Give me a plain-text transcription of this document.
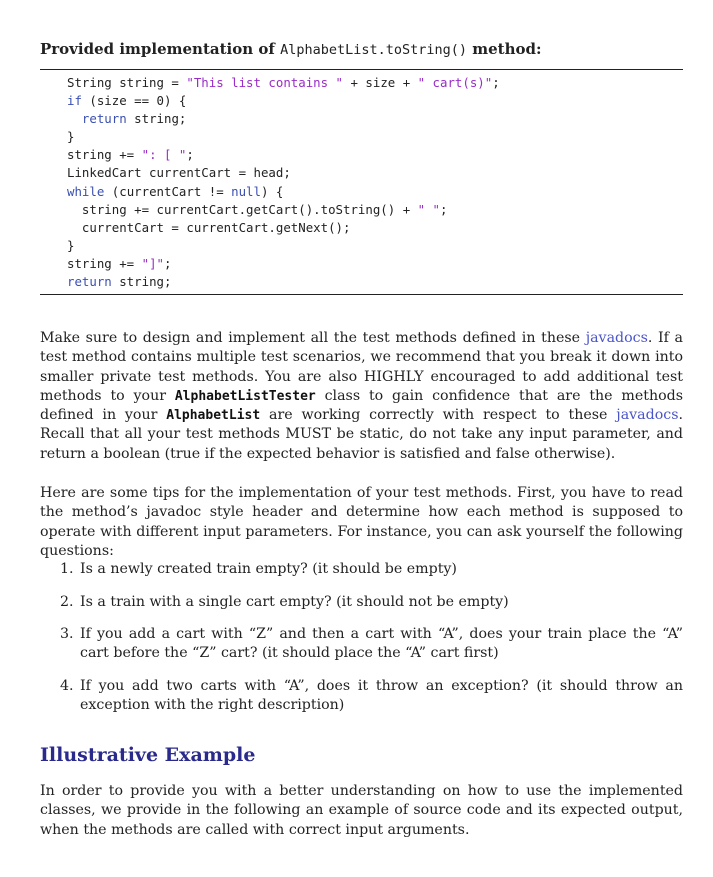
Provided implementation of AlphabetList.toString() method:
String string = "This list contains " + size + " cart(s)";
if (size == 0) {
return string;
}
string += ": [ ";
LinkedCart currentCart = head;
while (currentCart != null) {
string += currentCart.getCart().toString() + " ";
currentCart = currentCart.getNext();
}
string += "]";
return string;
Make sure to design and implement all the test methods defined in these javadocs. If a test method contains multiple test scenarios, we recommend that you break it down into smaller private test methods. You are also HIGHLY encouraged to add additional test methods to your AlphabetListTester class to gain confidence that are the methods defined in your AlphabetList are working correctly with respect to these javadocs. Recall that all your test methods MUST be static, do not take any input parameter, and return a boolean (true if the expected behavior is satisfied and false otherwise).
Here are some tips for the implementation of your test methods. First, you have to read the method’s javadoc style header and determine how each method is supposed to operate with different input parameters. For instance, you can ask yourself the following questions:
1. Is a newly created train empty? (it should be empty)
2. Is a train with a single cart empty? (it should not be empty)
3. If you add a cart with “Z” and then a cart with “A”, does your train place the “A” cart before the “Z” cart? (it should place the “A” cart first)
4. If you add two carts with “A”, does it throw an exception? (it should throw an exception with the right description)
Illustrative Example
In order to provide you with a better understanding on how to use the implemented classes, we provide in the following an example of source code and its expected output, when the methods are called with correct input arguments.
